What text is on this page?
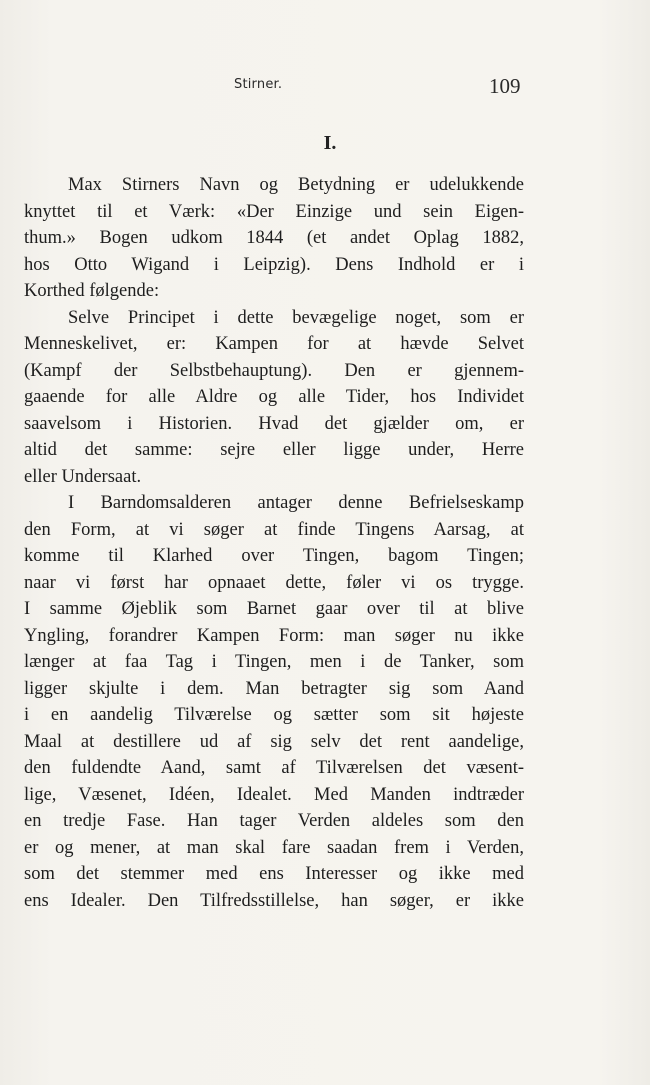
Stirner.	109
I.
Max Stirners Navn og Betydning er udelukkende
knyttet til et Værk: «Der Einzige und sein Eigen-
thum.» Bogen udkom 1844 (et andet Oplag 1882,
hos Otto Wigand i Leipzig). Dens Indhold er i
Korthed følgende:
Selve Principet i dette bevægelige noget, som er
Menneskelivet, er: Kampen for at hævde Selvet
(Kampf der Selbstbehauptung). Den er gjennem-
gaaende for alle Aldre og alle Tider, hos Individet
saavelsom i Historien. Hvad det gjælder om, er
altid det samme: sejre eller ligge under, Herre
eller Undersaat.
I Barndomsalderen antager denne Befrielseskamp
den Form, at vi søger at finde Tingens Aarsag, at
komme til Klarhed over Tingen, bagom Tingen;
naar vi først har opnaaet dette, føler vi os trygge.
I samme Øjeblik som Barnet gaar over til at blive
Yngling, forandrer Kampen Form: man søger nu ikke
længer at faa Tag i Tingen, men i de Tanker, som
ligger skjulte i dem. Man betragter sig som Aand
i en aandelig Tilværelse og sætter som sit højeste
Maal at destillere ud af sig selv det rent aandelige,
den fuldendte Aand, samt af Tilværelsen det væsent-
lige, Væsenet, Idéen, Idealet. Med Manden indtræder
en tredje Fase. Han tager Verden aldeles som den
er og mener, at man skal fare saadan frem i Verden,
som det stemmer med ens Interesser og ikke med
ens Idealer. Den Tilfredsstillelse, han søger, er ikke
